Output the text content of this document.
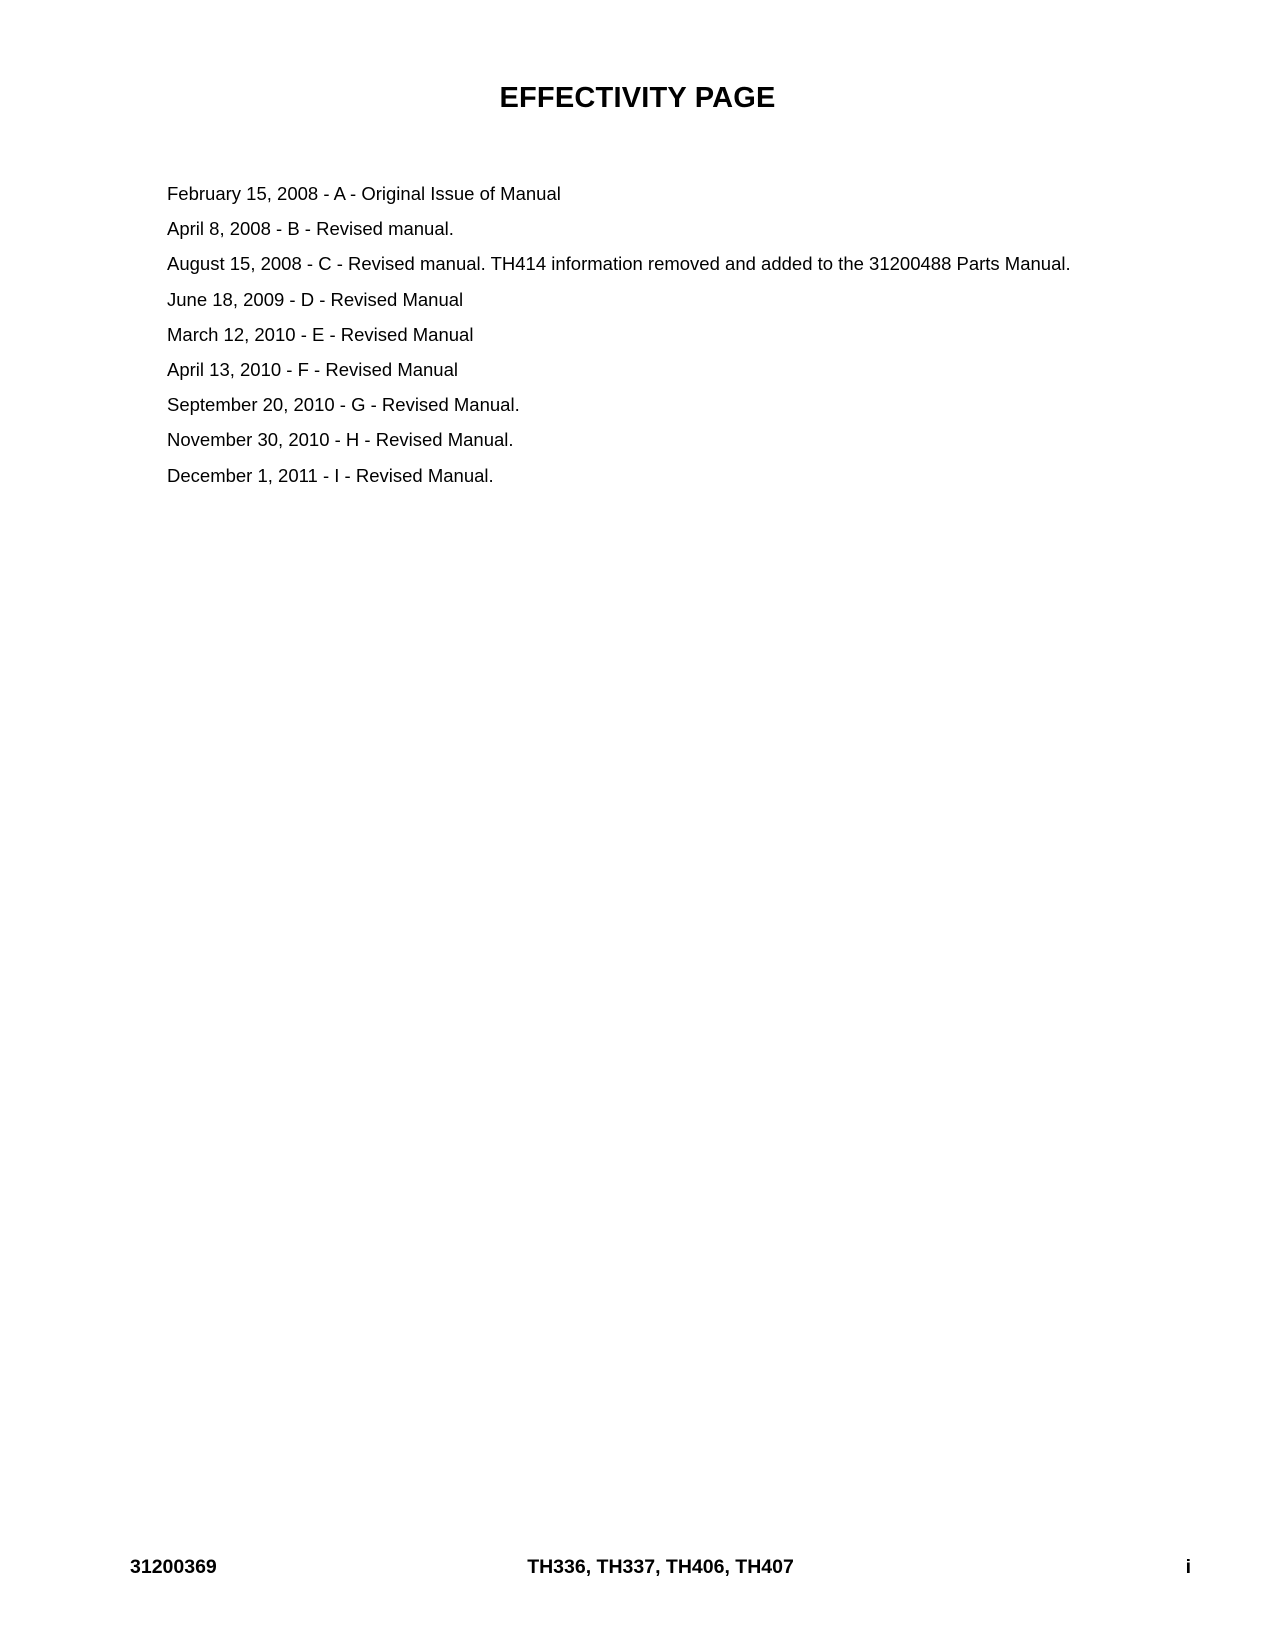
EFFECTIVITY PAGE
February 15, 2008 - A - Original Issue of Manual
April 8, 2008 - B - Revised manual.
August 15, 2008 - C - Revised manual. TH414 information removed and added to the 31200488 Parts Manual.
June 18, 2009 - D - Revised Manual
March 12, 2010 - E - Revised Manual
April 13, 2010 - F - Revised Manual
September 20, 2010 - G - Revised Manual.
November 30, 2010 - H - Revised Manual.
December 1, 2011 - I - Revised Manual.
31200369	TH336, TH337, TH406, TH407	i
